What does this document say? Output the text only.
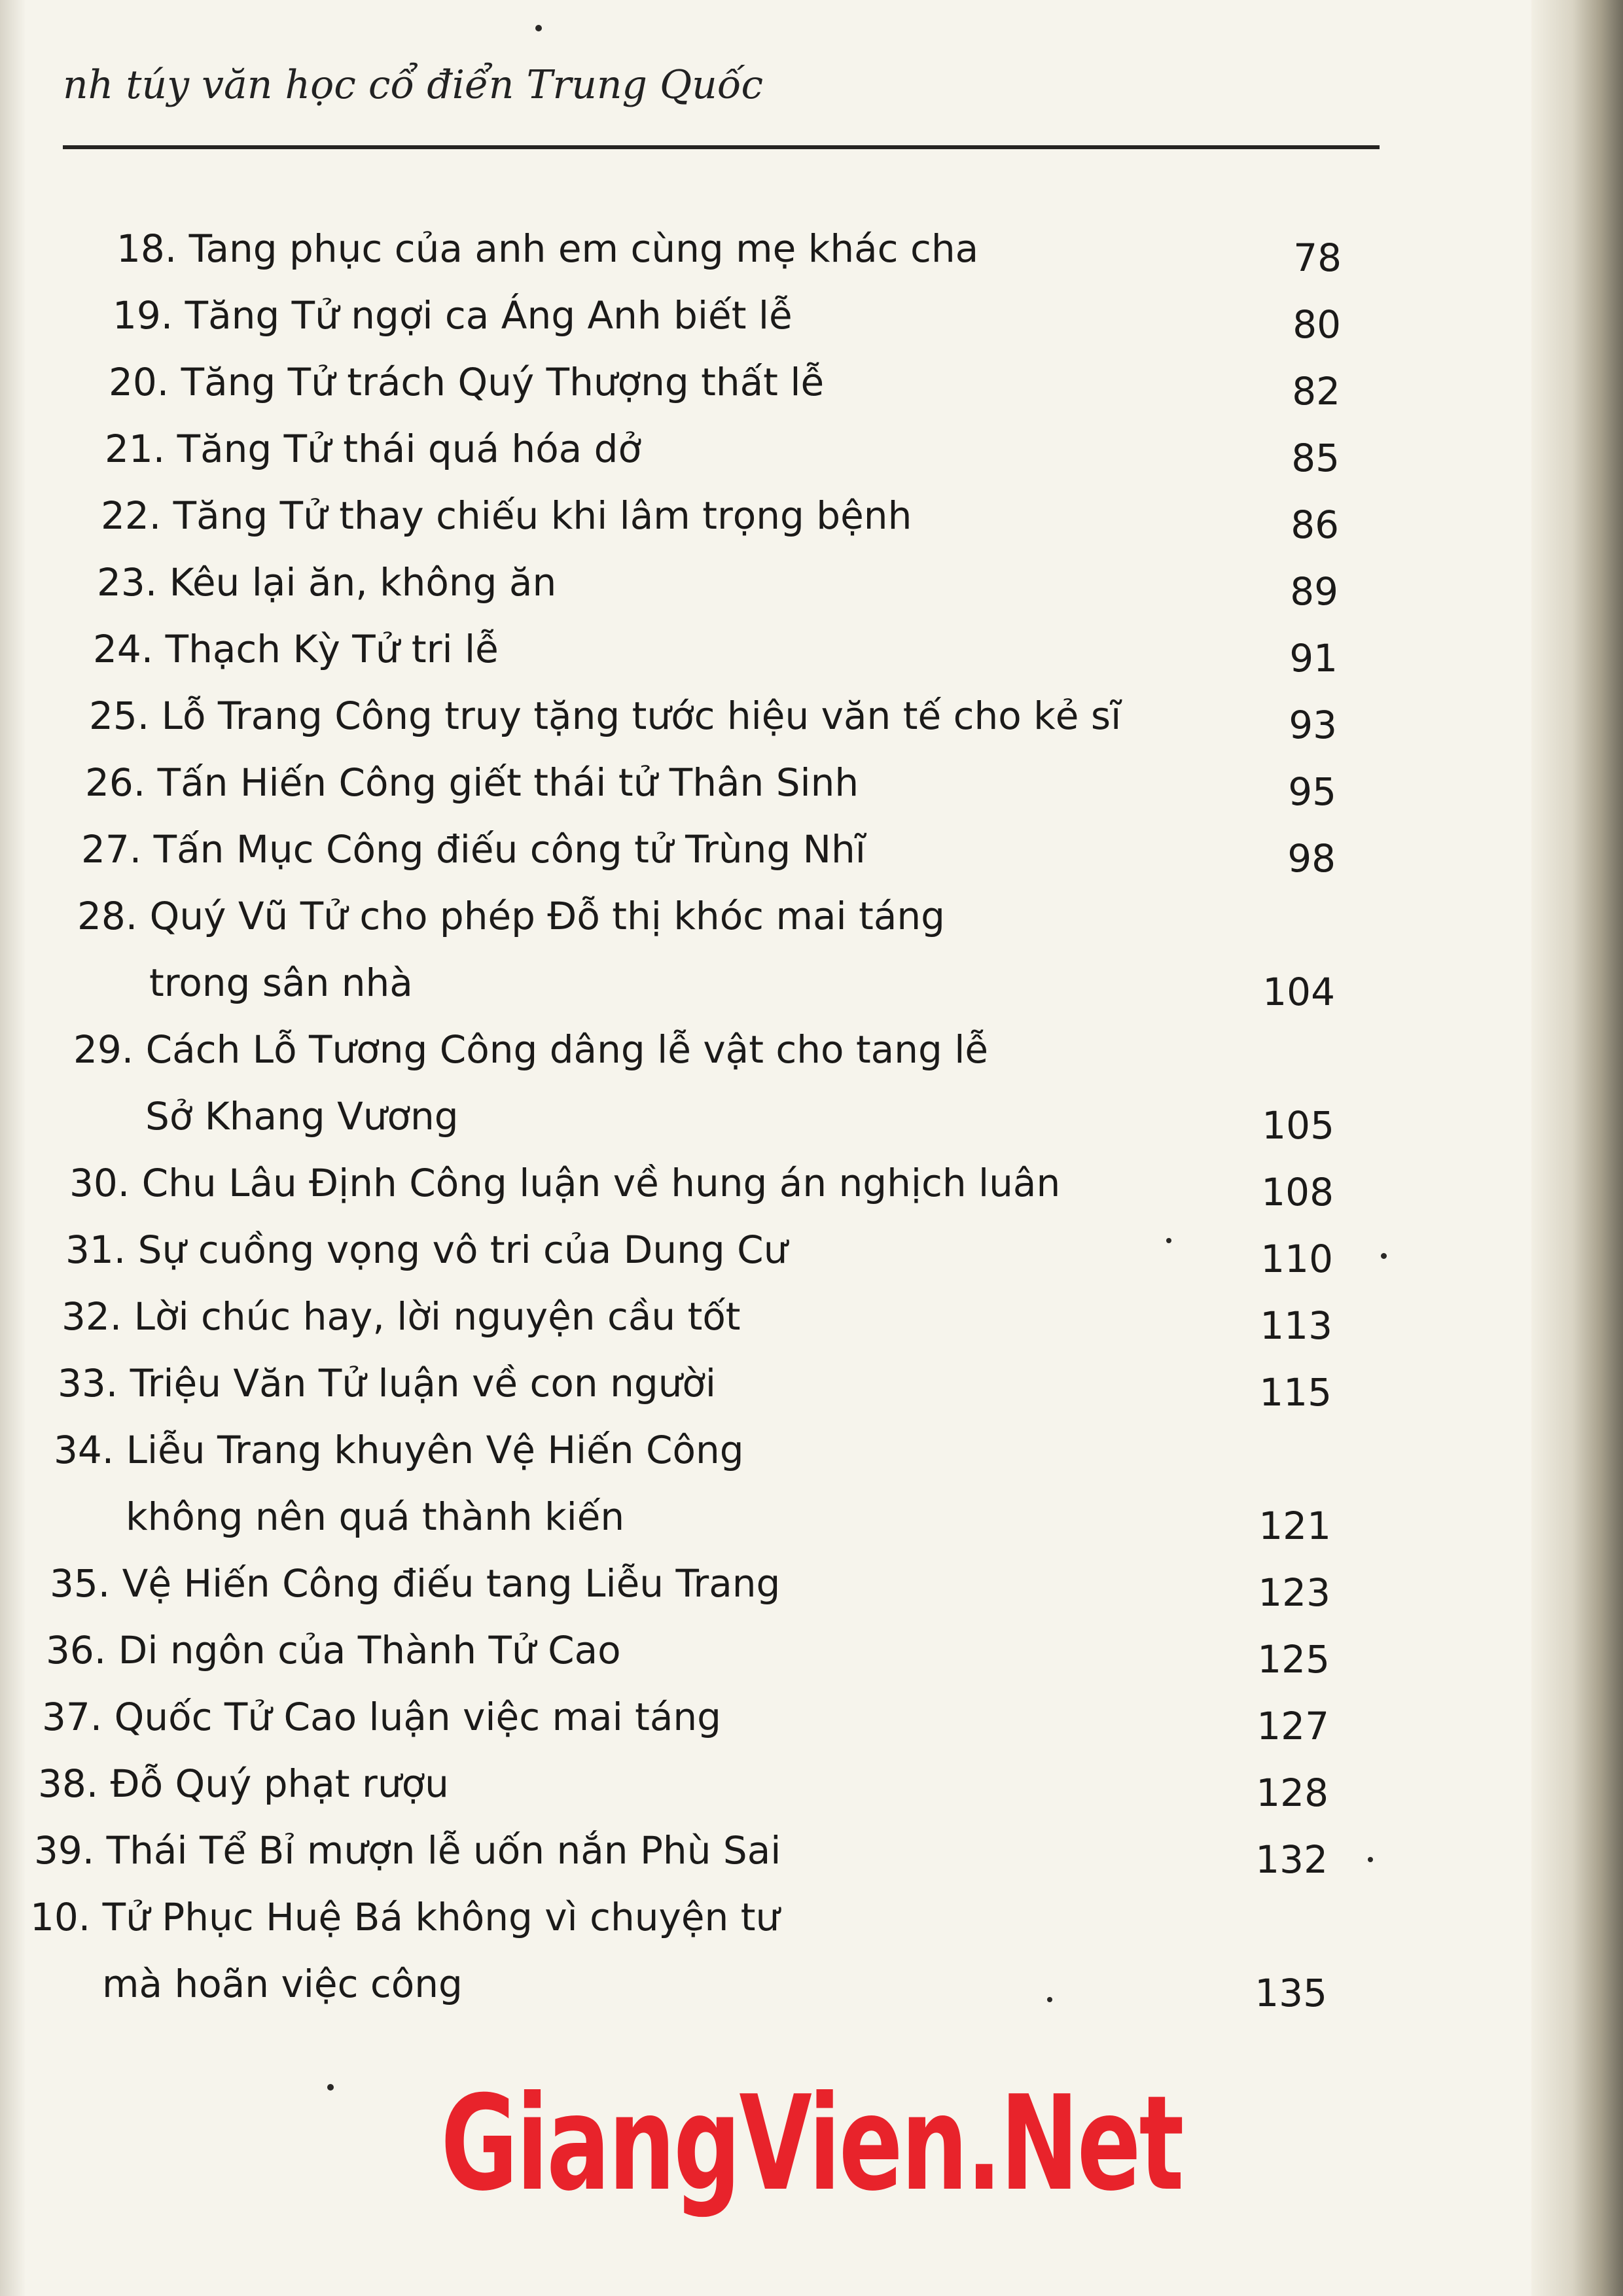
nh túy văn học cổ điển Trung Quốc
18. Tang phục của anh em cùng mẹ khác cha	78
19. Tăng Tử ngợi ca Áng Anh biết lễ	80
20. Tăng Tử trách Quý Thượng thất lễ	82
21. Tăng Tử thái quá hóa dở	85
22. Tăng Tử thay chiếu khi lâm trọng bệnh	86
23. Kêu lại ăn, không ăn	89
24. Thạch Kỳ Tử tri lễ	91
25. Lỗ Trang Công truy tặng tước hiệu văn tế cho kẻ sĩ	93
26. Tấn Hiến Công giết thái tử Thân Sinh	95
27. Tấn Mục Công điếu công tử Trùng Nhĩ	98
28. Quý Vũ Tử cho phép Đỗ thị khóc mai táng
trong sân nhà	104
29. Cách Lỗ Tương Công dâng lễ vật cho tang lễ
Sở Khang Vương	105
30. Chu Lâu Định Công luận về hung án nghịch luân	108
31. Sự cuồng vọng vô tri của Dung Cư	110
32. Lời chúc hay, lời nguyện cầu tốt	113
33. Triệu Văn Tử luận về con người	115
34. Liễu Trang khuyên Vệ Hiến Công
không nên quá thành kiến	121
35. Vệ Hiến Công điếu tang Liễu Trang	123
36. Di ngôn của Thành Tử Cao	125
37. Quốc Tử Cao luận việc mai táng	127
38. Đỗ Quý phạt rượu	128
39. Thái Tể Bỉ mượn lễ uốn nắn Phù Sai	132
10. Tử Phục Huệ Bá không vì chuyện tư
mà hoãn việc công	135
GiangVien.Net
